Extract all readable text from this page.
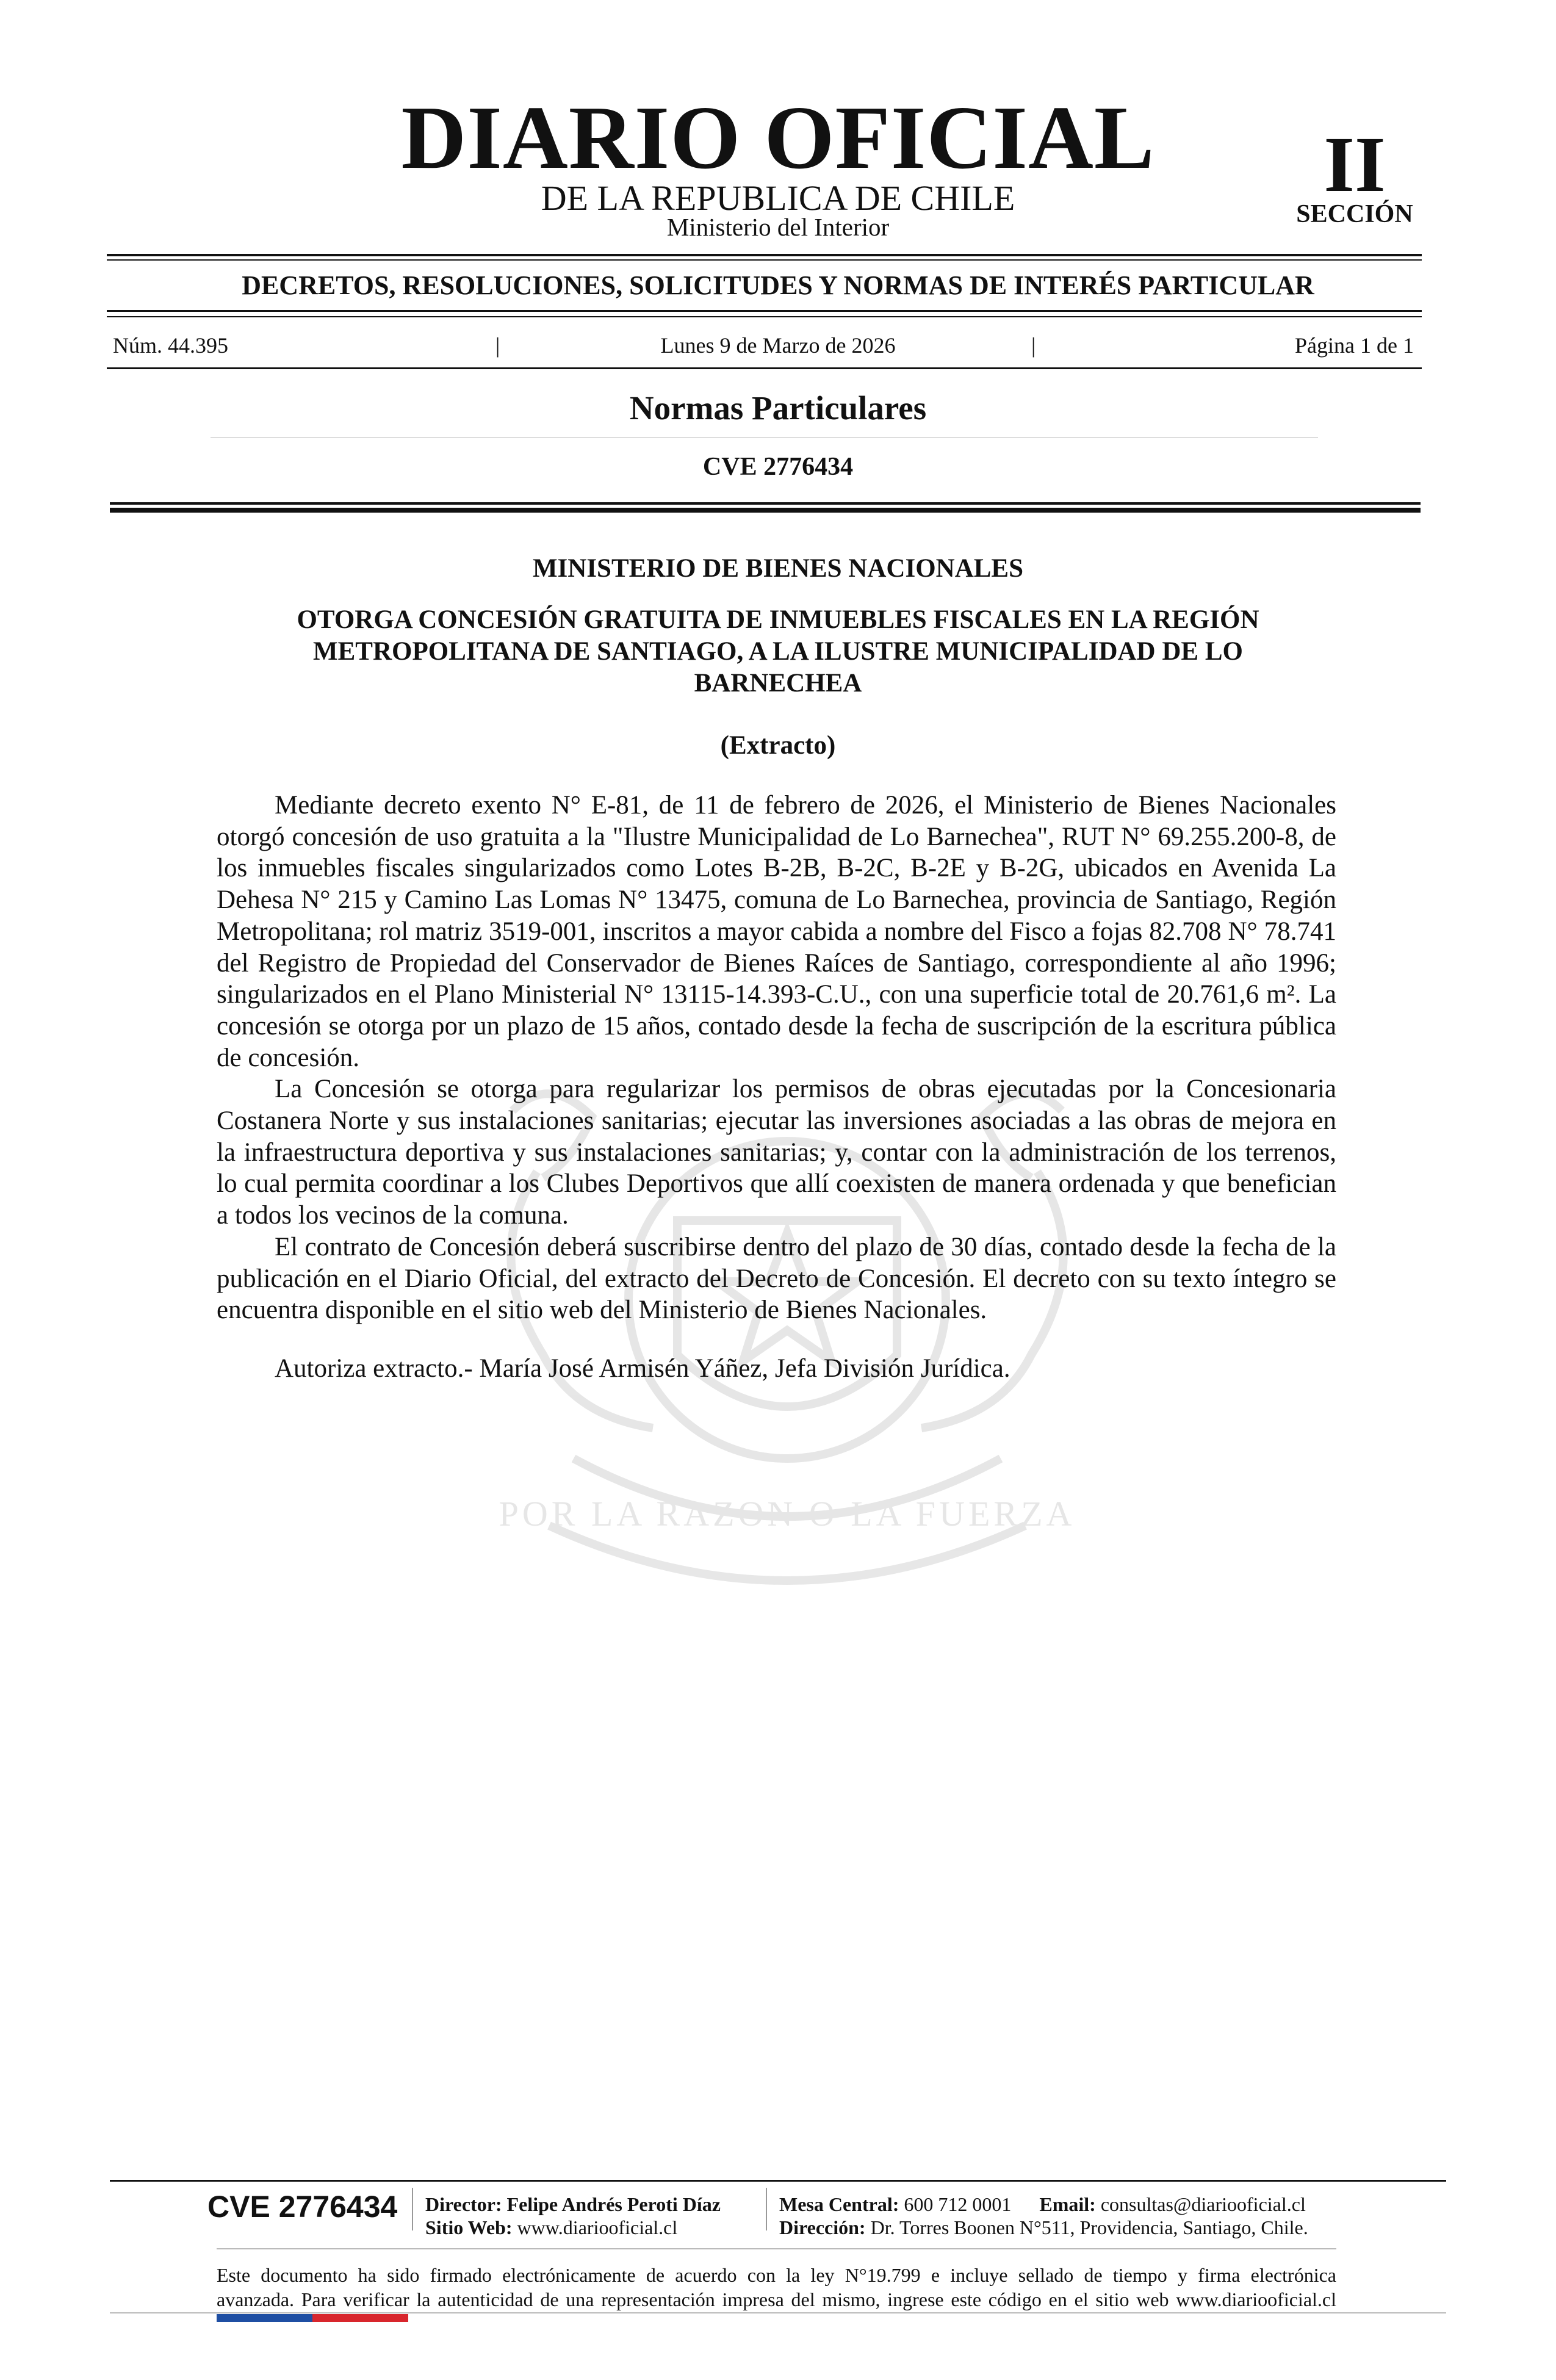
POR LA RAZON O LA FUERZA
DIARIO OFICIAL
DE LA REPUBLICA DE CHILE
Ministerio del Interior
II
SECCIÓN
DECRETOS, RESOLUCIONES, SOLICITUDES Y NORMAS DE INTERÉS PARTICULAR
Núm. 44.395	|	Lunes 9 de Marzo de 2026	|	Página 1 de 1
Normas Particulares
CVE 2776434
MINISTERIO DE BIENES NACIONALES
OTORGA CONCESIÓN GRATUITA DE INMUEBLES FISCALES EN LA REGIÓN
METROPOLITANA DE SANTIAGO, A LA ILUSTRE MUNICIPALIDAD DE LO
BARNECHEA
(Extracto)

Mediante decreto exento N° E-81, de 11 de febrero de 2026, el Ministerio de Bienes Nacionales otorgó concesión de uso gratuita a la "Ilustre Municipalidad de Lo Barnechea", RUT N° 69.255.200-8, de los inmuebles fiscales singularizados como Lotes B-2B, B-2C, B-2E y B-2G, ubicados en Avenida La Dehesa N° 215 y Camino Las Lomas N° 13475, comuna de Lo Barnechea, provincia de Santiago, Región Metropolitana; rol matriz 3519-001, inscritos a mayor cabida a nombre del Fisco a fojas 82.708 N° 78.741 del Registro de Propiedad del Conservador de Bienes Raíces de Santiago, correspondiente al año 1996; singularizados en el Plano Ministerial N° 13115-14.393-C.U., con una superficie total de 20.761,6 m². La concesión se otorga por un plazo de 15 años, contado desde la fecha de suscripción de la escritura pública de concesión.

La Concesión se otorga para regularizar los permisos de obras ejecutadas por la Concesionaria Costanera Norte y sus instalaciones sanitarias; ejecutar las inversiones asociadas a las obras de mejora en la infraestructura deportiva y sus instalaciones sanitarias; y, contar con la administración de los terrenos, lo cual permita coordinar a los Clubes Deportivos que allí coexisten de manera ordenada y que benefician a todos los vecinos de la comuna.

El contrato de Concesión deberá suscribirse dentro del plazo de 30 días, contado desde la fecha de la publicación en el Diario Oficial, del extracto del Decreto de Concesión. El decreto con su texto íntegro se encuentra disponible en el sitio web del Ministerio de Bienes Nacionales.

Autoriza extracto.- María José Armisén Yáñez, Jefa División Jurídica.

CVE 2776434 Director: Felipe Andrés Peroti Díaz
Sitio Web: www.diariooficial.cl
Mesa Central: 600 712 0001 Email: consultas@diariooficial.cl
Dirección: Dr. Torres Boonen N°511, Providencia, Santiago, Chile.
Este documento ha sido firmado electrónicamente de acuerdo con la ley N°19.799 e incluye sellado de tiempo y firma electrónica
avanzada. Para verificar la autenticidad de una representación impresa del mismo, ingrese este código en el sitio web www.diariooficial.cl
